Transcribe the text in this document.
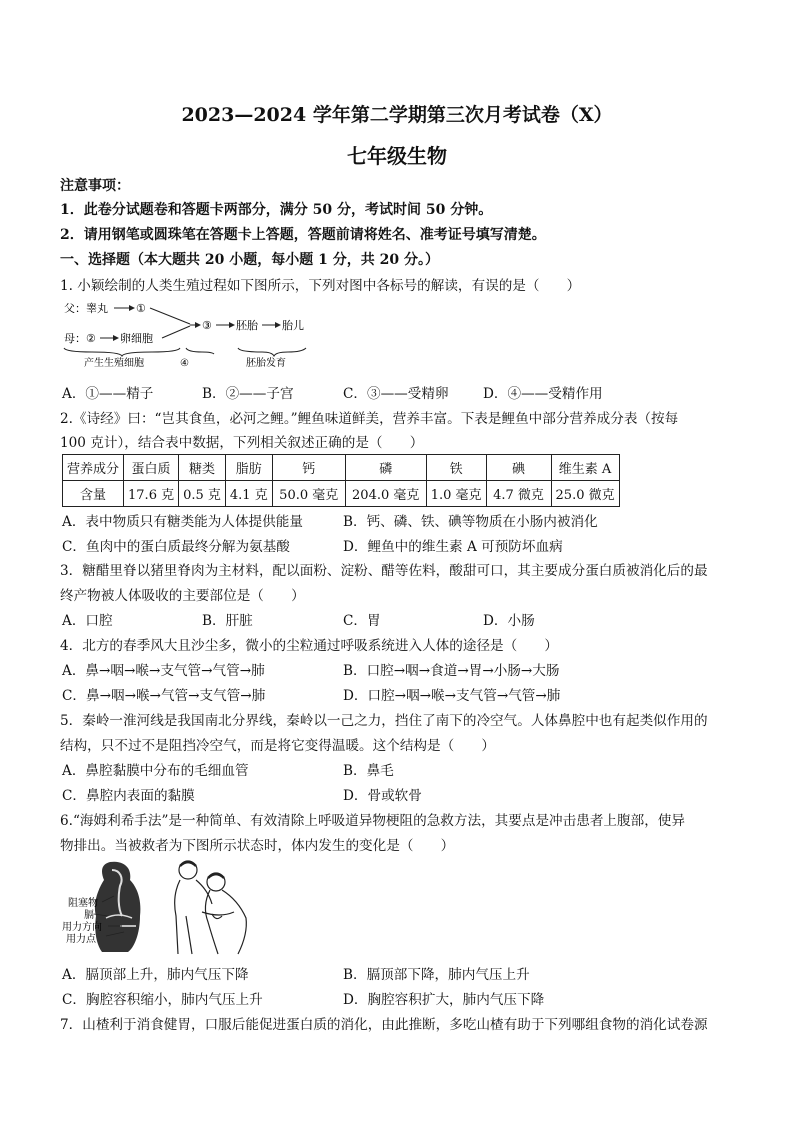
2023—2024 学年第二学期第三次月考试卷（X）
七年级生物
注意事项：
1．此卷分试题卷和答题卡两部分，满分 50 分，考试时间 50 分钟。
2．请用钢笔或圆珠笔在答题卡上答题，答题前请将姓名、准考证号填写清楚。
一、选择题（本大题共 20 小题，每小题 1 分，共 20 分。）
1. 小颖绘制的人类生殖过程如下图所示，下列对图中各标号的解读，有误的是（　　）
父：睾丸	①
母： ② 卵细胞
③ 胚胎 胎儿
产生生殖细胞	④	胚胎发育
A．①——精子	B．②——子宫	C．③——受精卵	D．④——受精作用
2.《诗经》曰：“岂其食鱼，必河之鲤。”鲤鱼味道鲜美，营养丰富。下表是鲤鱼中部分营养成分表（按每
100 克计），结合表中数据，下列相关叙述正确的是（　　）
营养成分	蛋白质	糖类	脂肪	钙	磷	铁	碘	维生素 A
含量	17.6 克	0.5 克	4.1 克	50.0 毫克	204.0 毫克	1.0 毫克	4.7 微克	25.0 微克
A．表中物质只有糖类能为人体提供能量	B．钙、磷、铁、碘等物质在小肠内被消化
C．鱼肉中的蛋白质最终分解为氨基酸	D．鲤鱼中的维生素 A 可预防坏血病
3．糖醋里脊以猪里脊肉为主材料，配以面粉、淀粉、醋等佐料，酸甜可口，其主要成分蛋白质被消化后的最
终产物被人体吸收的主要部位是（　　）
A．口腔	B．肝脏	C．胃	D．小肠
4．北方的春季风大且沙尘多，微小的尘粒通过呼吸系统进入人体的途径是（　　）
A．鼻→咽→喉→支气管→气管→肺	B．口腔→咽→食道→胃→小肠→大肠
C．鼻→咽→喉→气管→支气管→肺	D．口腔→咽→喉→支气管→气管→肺
5．秦岭一淮河线是我国南北分界线，秦岭以一己之力，挡住了南下的冷空气。人体鼻腔中也有起类似作用的
结构，只不过不是阻挡冷空气，而是将它变得温暖。这个结构是（　　）
A．鼻腔黏膜中分布的毛细血管	B．鼻毛
C．鼻腔内表面的黏膜	D．骨或软骨
6.“海姆利希手法”是一种简单、有效清除上呼吸道异物梗阻的急救方法，其要点是冲击患者上腹部，使异
物排出。当被救者为下图所示状态时，体内发生的变化是（　　）
阻塞物
膈
用力方向
用力点
A．膈顶部上升，肺内气压下降	B．膈顶部下降，肺内气压上升
C．胸腔容积缩小，肺内气压上升	D．胸腔容积扩大，肺内气压下降
7．山楂利于消食健胃，口服后能促进蛋白质的消化，由此推断，多吃山楂有助于下列哪组食物的消化试卷源
